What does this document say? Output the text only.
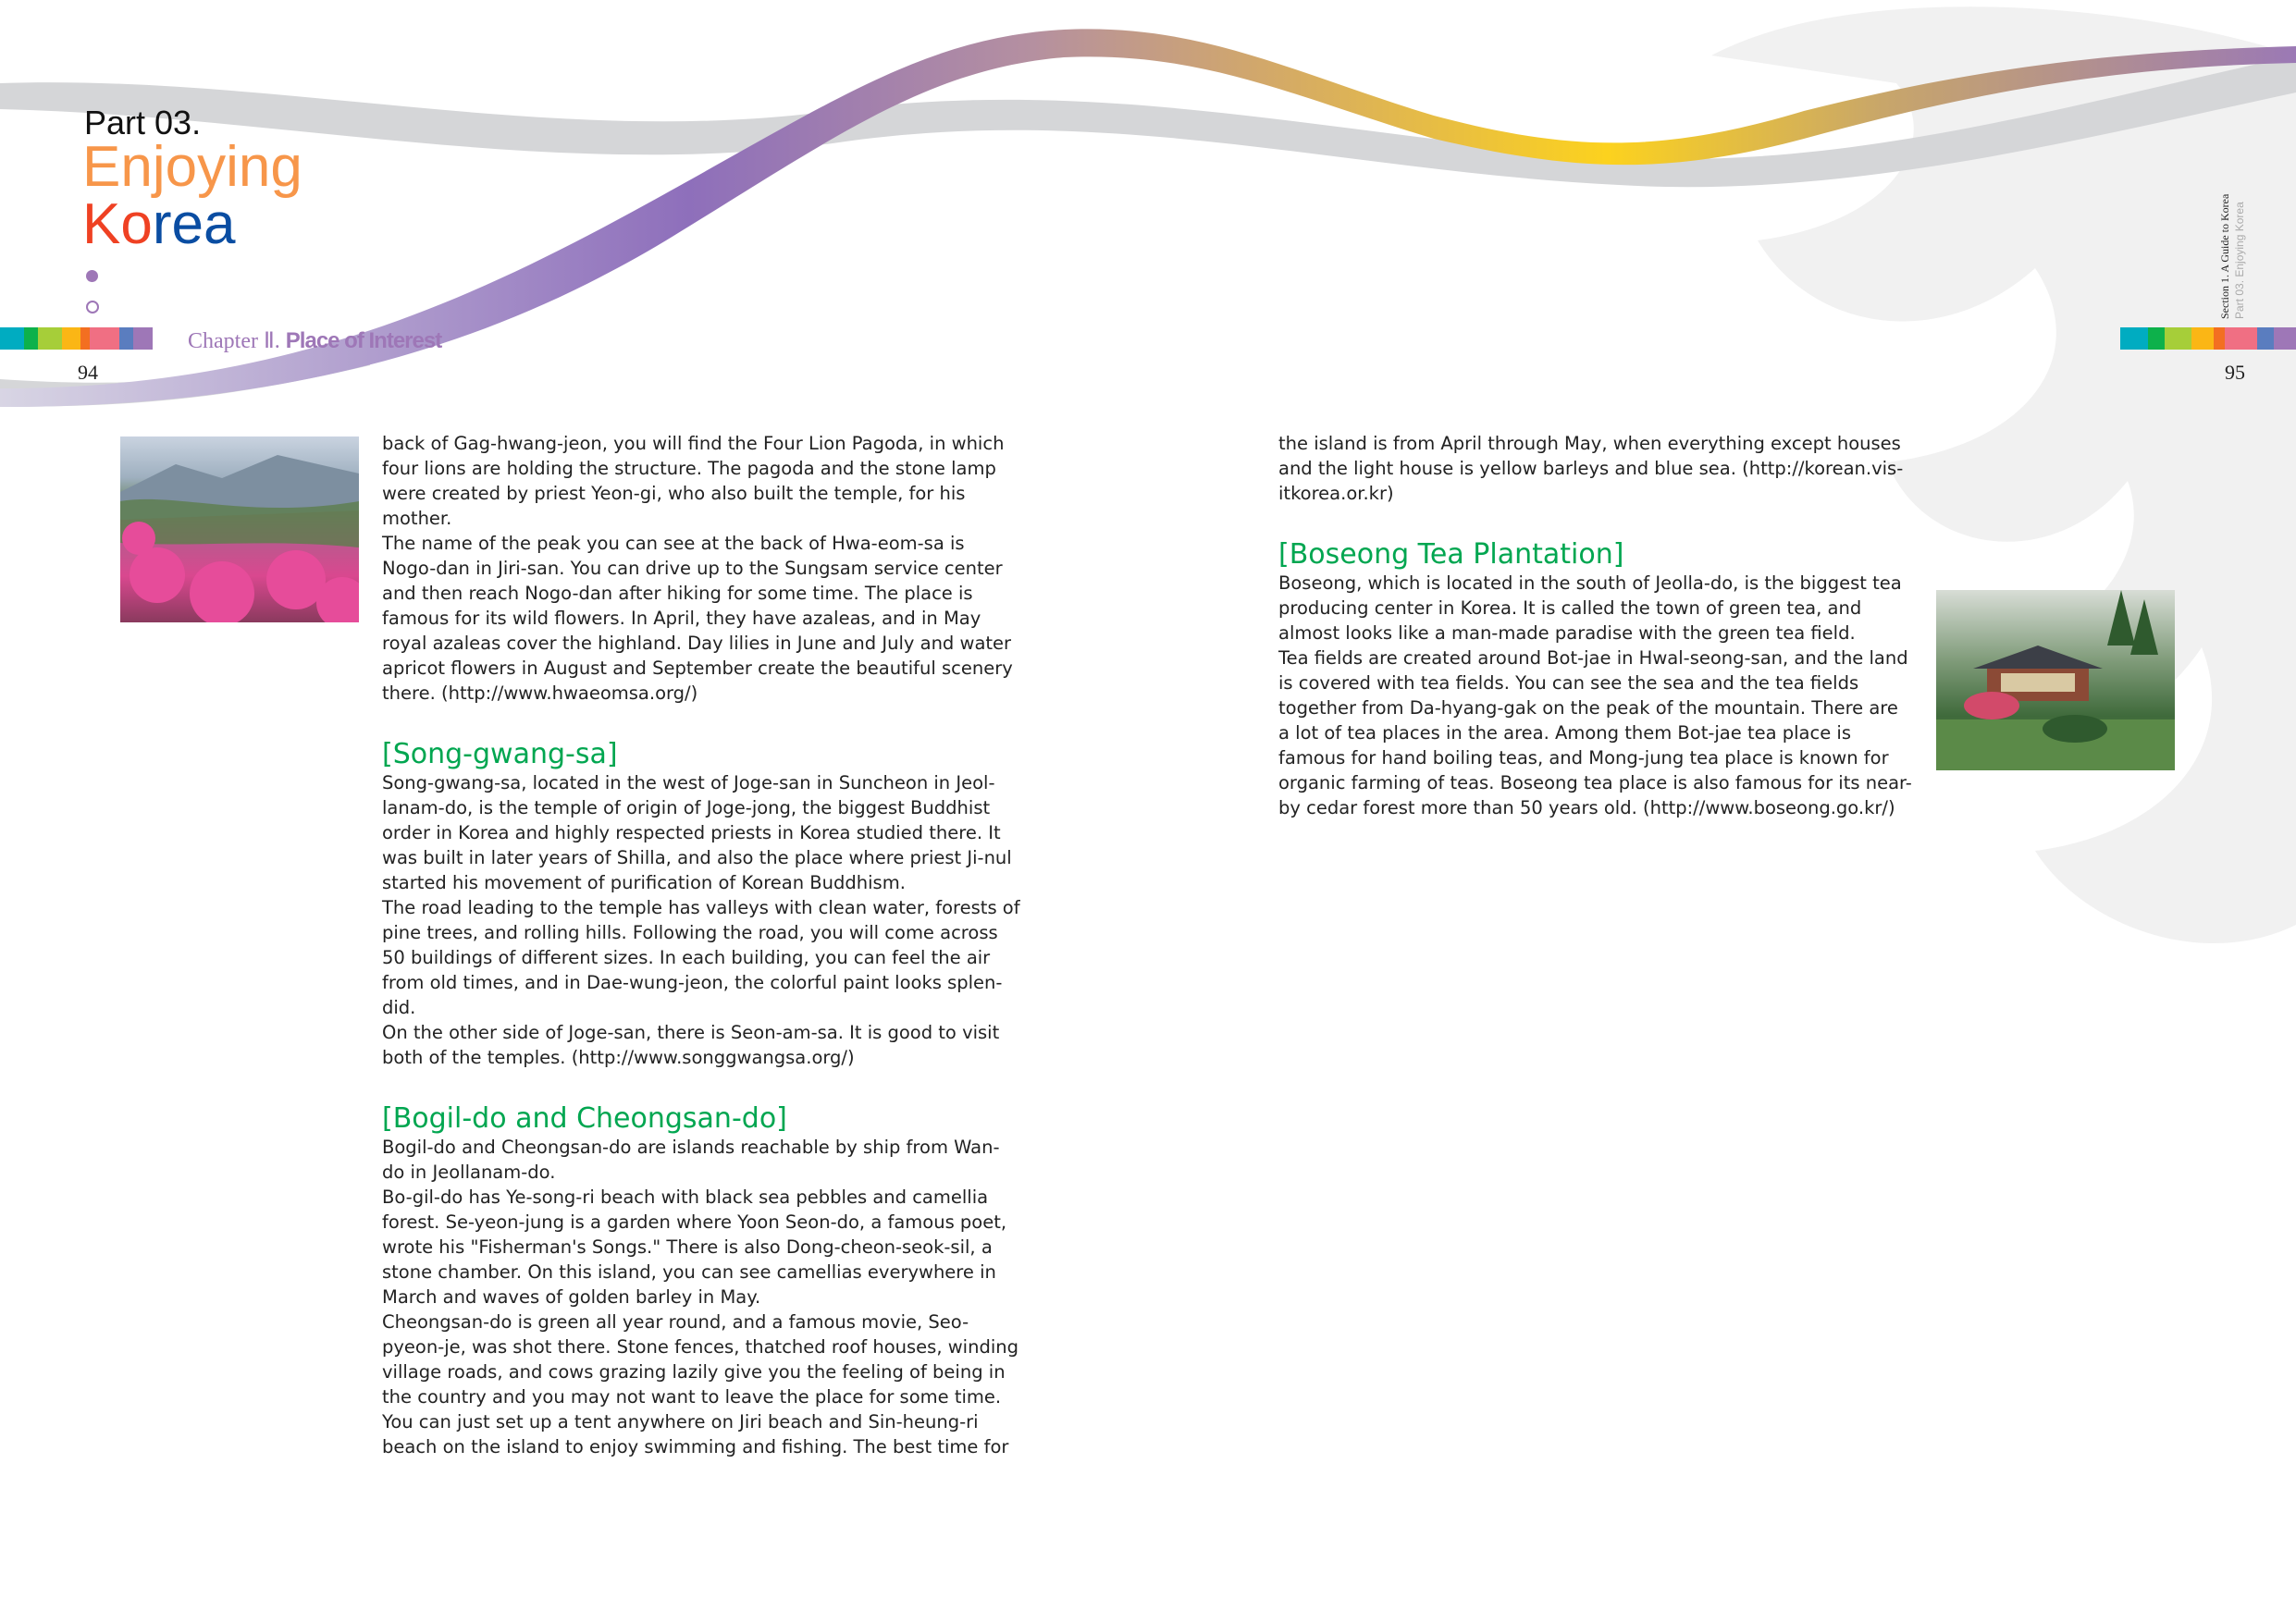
Part 03.
Enjoying
Korea
Chapter Ⅱ. Place of Interest
94	95
Section 1. A Guide to Korea Part 03. Enjoying Korea
back of Gag-hwang-jeon, you will find the Four Lion Pagoda, in which
four lions are holding the structure. The pagoda and the stone lamp
were created by priest Yeon-gi, who also built the temple, for his
mother.
The name of the peak you can see at the back of Hwa-eom-sa is
Nogo-dan in Jiri-san. You can drive up to the Sungsam service center
and then reach Nogo-dan after hiking for some time. The place is
famous for its wild flowers. In April, they have azaleas, and in May
royal azaleas cover the highland. Day lilies in June and July and water
apricot flowers in August and September create the beautiful scenery
there. (http://www.hwaeomsa.org/)
[Song-gwang-sa]
Song-gwang-sa, located in the west of Joge-san in Suncheon in Jeol-
lanam-do, is the temple of origin of Joge-jong, the biggest Buddhist
order in Korea and highly respected priests in Korea studied there. It
was built in later years of Shilla, and also the place where priest Ji-nul
started his movement of purification of Korean Buddhism.
The road leading to the temple has valleys with clean water, forests of
pine trees, and rolling hills. Following the road, you will come across
50 buildings of different sizes. In each building, you can feel the air
from old times, and in Dae-wung-jeon, the colorful paint looks splen-
did.
On the other side of Joge-san, there is Seon-am-sa. It is good to visit
both of the temples. (http://www.songgwangsa.org/)
[Bogil-do and Cheongsan-do]
Bogil-do and Cheongsan-do are islands reachable by ship from Wan-
do in Jeollanam-do.
Bo-gil-do has Ye-song-ri beach with black sea pebbles and camellia
forest. Se-yeon-jung is a garden where Yoon Seon-do, a famous poet,
wrote his "Fisherman's Songs." There is also Dong-cheon-seok-sil, a
stone chamber. On this island, you can see camellias everywhere in
March and waves of golden barley in May.
Cheongsan-do is green all year round, and a famous movie, Seo-
pyeon-je, was shot there. Stone fences, thatched roof houses, winding
village roads, and cows grazing lazily give you the feeling of being in
the country and you may not want to leave the place for some time.
You can just set up a tent anywhere on Jiri beach and Sin-heung-ri
beach on the island to enjoy swimming and fishing. The best time for
the island is from April through May, when everything except houses
and the light house is yellow barleys and blue sea. (http://korean.vis-
itkorea.or.kr)
[Boseong Tea Plantation]
Boseong, which is located in the south of Jeolla-do, is the biggest tea
producing center in Korea. It is called the town of green tea, and
almost looks like a man-made paradise with the green tea field.
Tea fields are created around Bot-jae in Hwal-seong-san, and the land
is covered with tea fields. You can see the sea and the tea fields
together from Da-hyang-gak on the peak of the mountain. There are
a lot of tea places in the area. Among them Bot-jae tea place is
famous for hand boiling teas, and Mong-jung tea place is known for
organic farming of teas. Boseong tea place is also famous for its near-
by cedar forest more than 50 years old. (http://www.boseong.go.kr/)
